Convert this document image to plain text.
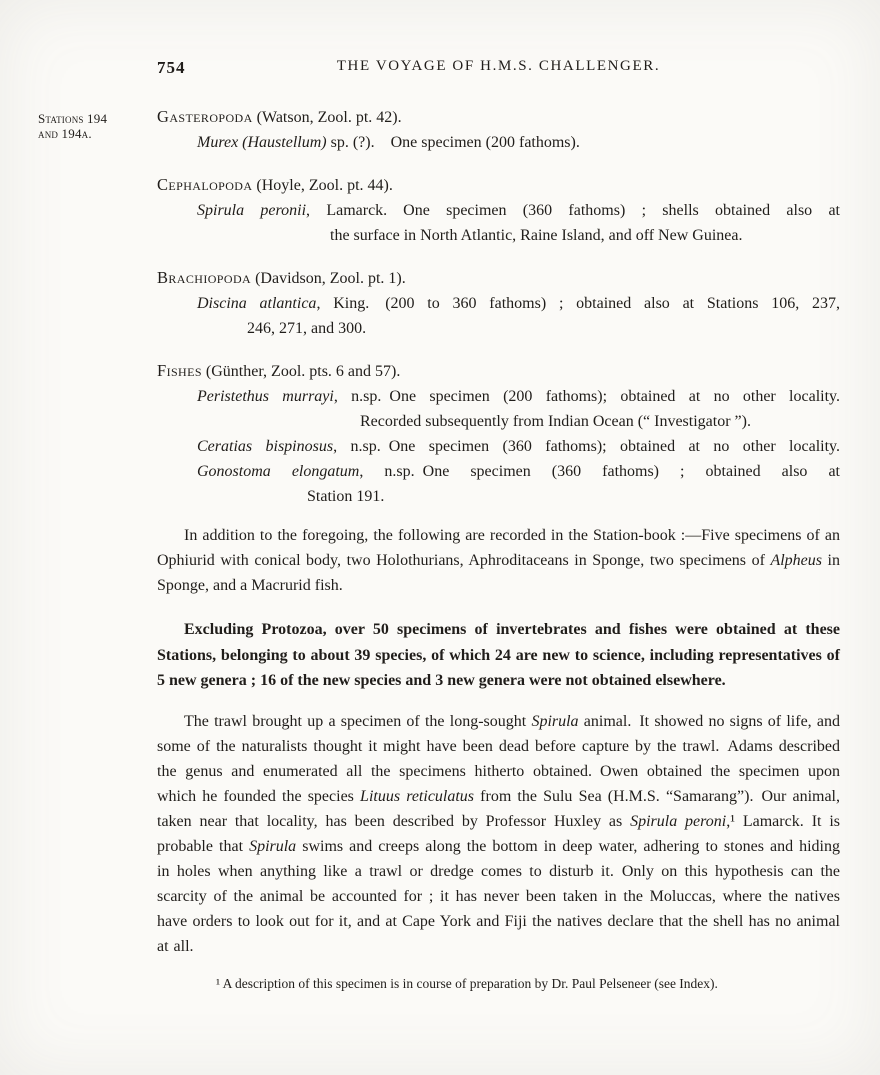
754	THE VOYAGE OF H.M.S. CHALLENGER.
Stations 194
and 194a.
Gasteropoda (Watson, Zool. pt. 42).
Murex (Haustellum) sp. (?). One specimen (200 fathoms).
Cephalopoda (Hoyle, Zool. pt. 44).
Spirula peronii, Lamarck. One specimen (360 fathoms) ; shells obtained also at
the surface in North Atlantic, Raine Island, and off New Guinea.
Brachiopoda (Davidson, Zool. pt. 1).
Discina atlantica, King. (200 to 360 fathoms) ; obtained also at Stations 106, 237,
246, 271, and 300.
Fishes (Günther, Zool. pts. 6 and 57).
Peristethus murrayi, n.sp. One specimen (200 fathoms); obtained at no other locality.
Recorded subsequently from Indian Ocean (“ Investigator ”).
Ceratias bispinosus, n.sp. One specimen (360 fathoms); obtained at no other locality.
Gonostoma elongatum, n.sp. One specimen (360 fathoms) ; obtained also at
Station 191.
In addition to the foregoing, the following are recorded in the Station-book :—Five specimens of an Ophiurid with conical body, two Holothurians, Aphroditaceans in Sponge, two specimens of Alpheus in Sponge, and a Macrurid fish.
Excluding Protozoa, over 50 specimens of invertebrates and fishes were obtained at these Stations, belonging to about 39 species, of which 24 are new to science, including representatives of 5 new genera ; 16 of the new species and 3 new genera were not obtained elsewhere.
The trawl brought up a specimen of the long-sought Spirula animal. It showed no signs of life, and some of the naturalists thought it might have been dead before capture by the trawl. Adams described the genus and enumerated all the specimens hitherto obtained. Owen obtained the specimen upon which he founded the species Lituus reticulatus from the Sulu Sea (H.M.S. “Samarang”). Our animal, taken near that locality, has been described by Professor Huxley as Spirula peroni,¹ Lamarck. It is probable that Spirula swims and creeps along the bottom in deep water, adhering to stones and hiding in holes when anything like a trawl or dredge comes to disturb it. Only on this hypothesis can the scarcity of the animal be accounted for ; it has never been taken in the Moluccas, where the natives have orders to look out for it, and at Cape York and Fiji the natives declare that the shell has no animal at all.
¹ A description of this specimen is in course of preparation by Dr. Paul Pelseneer (see Index).
